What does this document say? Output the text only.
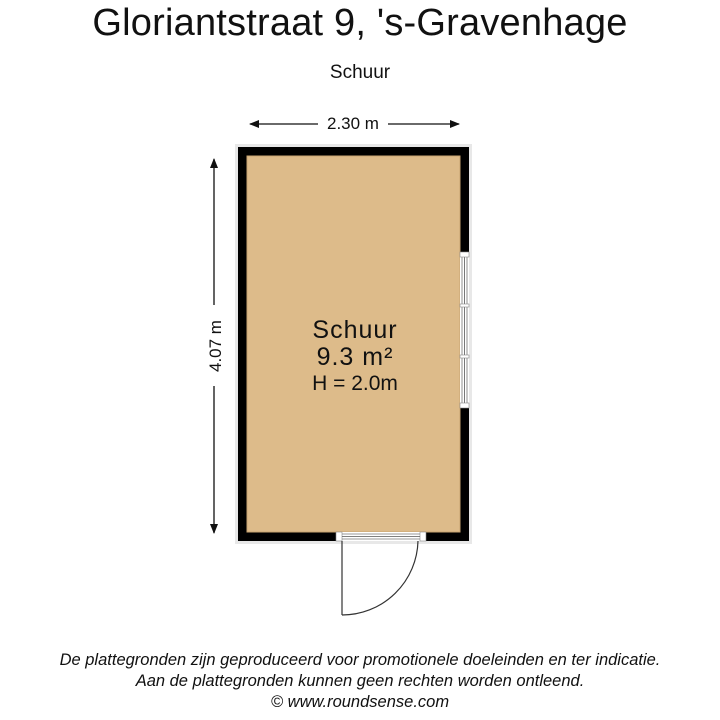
Gloriantstraat 9, 's-Gravenhage
Schuur
2.30 m
4.07 m	Schuur
9.3 m²
H = 2.0m
De plattegronden zijn geproduceerd voor promotionele doeleinden en ter indicatie.
Aan de plattegronden kunnen geen rechten worden ontleend.
© www.roundsense.com
